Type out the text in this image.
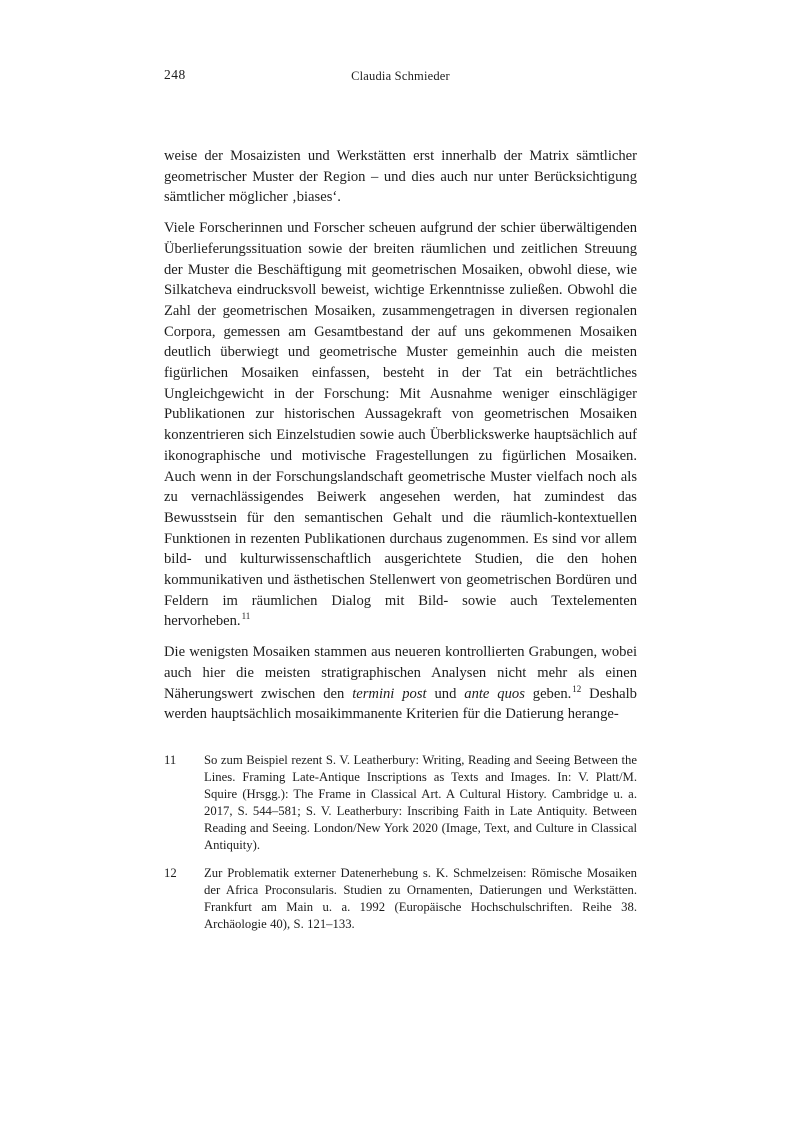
248	Claudia Schmieder

weise der Mosaizisten und Werkstätten erst innerhalb der Matrix sämtlicher geometrischer Muster der Region – und dies auch nur unter Berücksichtigung sämtlicher möglicher ‚biases‘.

Viele Forscherinnen und Forscher scheuen aufgrund der schier überwältigenden Überlieferungssituation sowie der breiten räumlichen und zeitlichen Streuung der Muster die Beschäftigung mit geometrischen Mosaiken, obwohl diese, wie Silkatcheva eindrucksvoll beweist, wichtige Erkenntnisse zuließen. Obwohl die Zahl der geometrischen Mosaiken, zusammengetragen in diversen regionalen Corpora, gemessen am Gesamtbestand der auf uns gekommenen Mosaiken deutlich überwiegt und geometrische Muster gemeinhin auch die meisten figürlichen Mosaiken einfassen, besteht in der Tat ein beträchtliches Ungleichgewicht in der Forschung: Mit Ausnahme weniger einschlägiger Publikationen zur historischen Aussagekraft von geometrischen Mosaiken konzentrieren sich Einzelstudien sowie auch Überblickswerke hauptsächlich auf ikonographische und motivische Fragestellungen zu figürlichen Mosaiken. Auch wenn in der Forschungslandschaft geometrische Muster vielfach noch als zu vernachlässigendes Beiwerk angesehen werden, hat zumindest das Bewusstsein für den semantischen Gehalt und die räumlich-kontextuellen Funktionen in rezenten Publikationen durchaus zugenommen. Es sind vor allem bild- und kulturwissenschaftlich ausgerichtete Studien, die den hohen kommunikativen und ästhetischen Stellenwert von geometrischen Bordüren und Feldern im räumlichen Dialog mit Bild- sowie auch Textelementen hervorheben.$^{11}$

Die wenigsten Mosaiken stammen aus neueren kontrollierten Grabungen, wobei auch hier die meisten stratigraphischen Analysen nicht mehr als einen Näherungswert zwischen den termini post und ante quos geben.$^{12}$ Deshalb werden hauptsächlich mosaikimmanente Kriterien für die Datierung herange-

11	So zum Beispiel rezent S. V. Leatherbury: Writing, Reading and Seeing Between the Lines. Framing Late-Antique Inscriptions as Texts and Images. In: V. Platt/M. Squire (Hrsgg.): The Frame in Classical Art. A Cultural History. Cambridge u. a. 2017, S. 544–581; S. V. Leatherbury: Inscribing Faith in Late Antiquity. Between Reading and Seeing. London/New York 2020 (Image, Text, and Culture in Classical Antiquity).
12	Zur Problematik externer Datenerhebung s. K. Schmelzeisen: Römische Mosaiken der Africa Proconsularis. Studien zu Ornamenten, Datierungen und Werkstätten. Frankfurt am Main u. a. 1992 (Europäische Hochschulschriften. Reihe 38. Archäologie 40), S. 121–133.
